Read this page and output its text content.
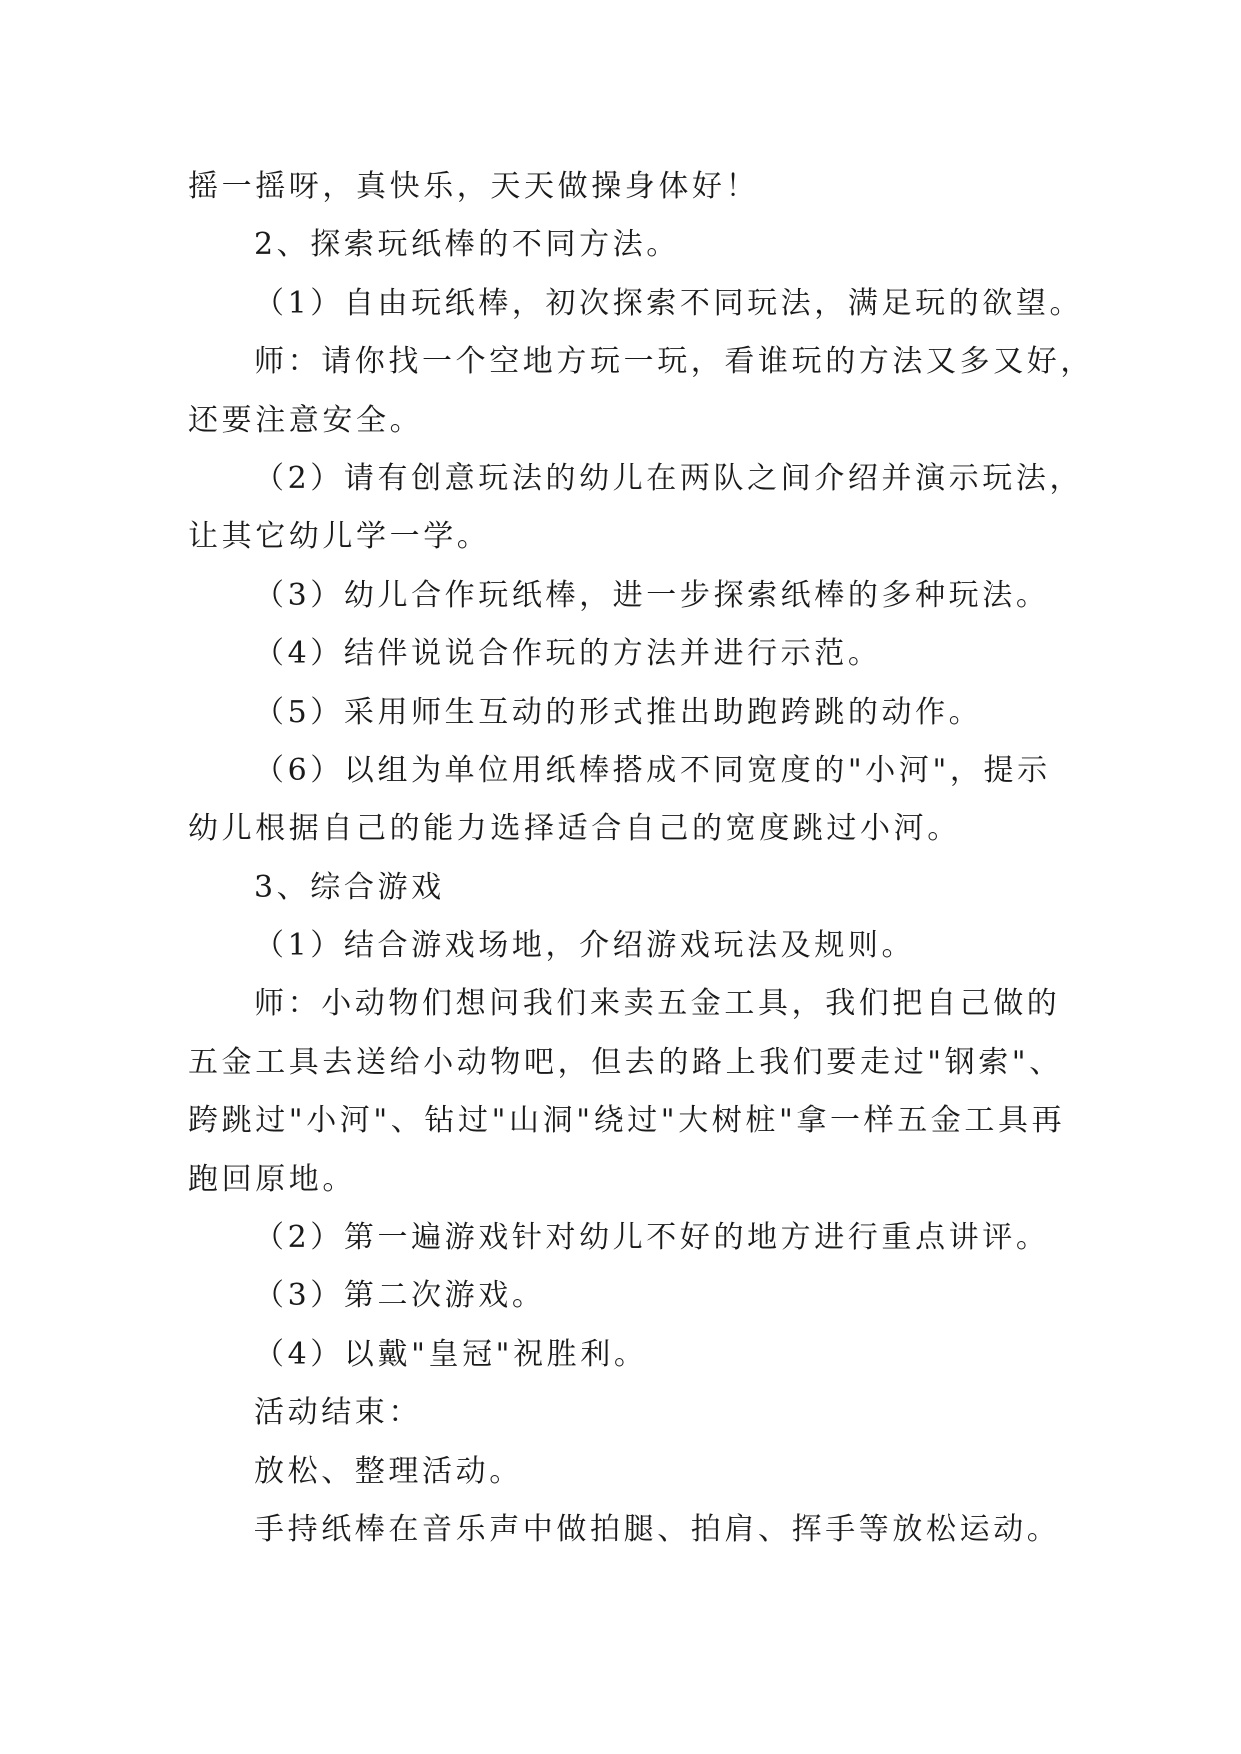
摇一摇呀，真快乐，天天做操身体好！
2、探索玩纸棒的不同方法。
（1）自由玩纸棒，初次探索不同玩法，满足玩的欲望。
师：请你找一个空地方玩一玩，看谁玩的方法又多又好，
还要注意安全。
（2）请有创意玩法的幼儿在两队之间介绍并演示玩法，
让其它幼儿学一学。
（3）幼儿合作玩纸棒，进一步探索纸棒的多种玩法。
（4）结伴说说合作玩的方法并进行示范。
（5）采用师生互动的形式推出助跑跨跳的动作。
（6）以组为单位用纸棒搭成不同宽度的"小河"，提示
幼儿根据自己的能力选择适合自己的宽度跳过小河。
3、综合游戏
（1）结合游戏场地，介绍游戏玩法及规则。
师：小动物们想问我们来卖五金工具，我们把自己做的
五金工具去送给小动物吧，但去的路上我们要走过"钢索"、
跨跳过"小河"、钻过"山洞"绕过"大树桩"拿一样五金工具再
跑回原地。
（2）第一遍游戏针对幼儿不好的地方进行重点讲评。
（3）第二次游戏。
（4）以戴"皇冠"祝胜利。
活动结束：
放松、整理活动。
手持纸棒在音乐声中做拍腿、拍肩、挥手等放松运动。
